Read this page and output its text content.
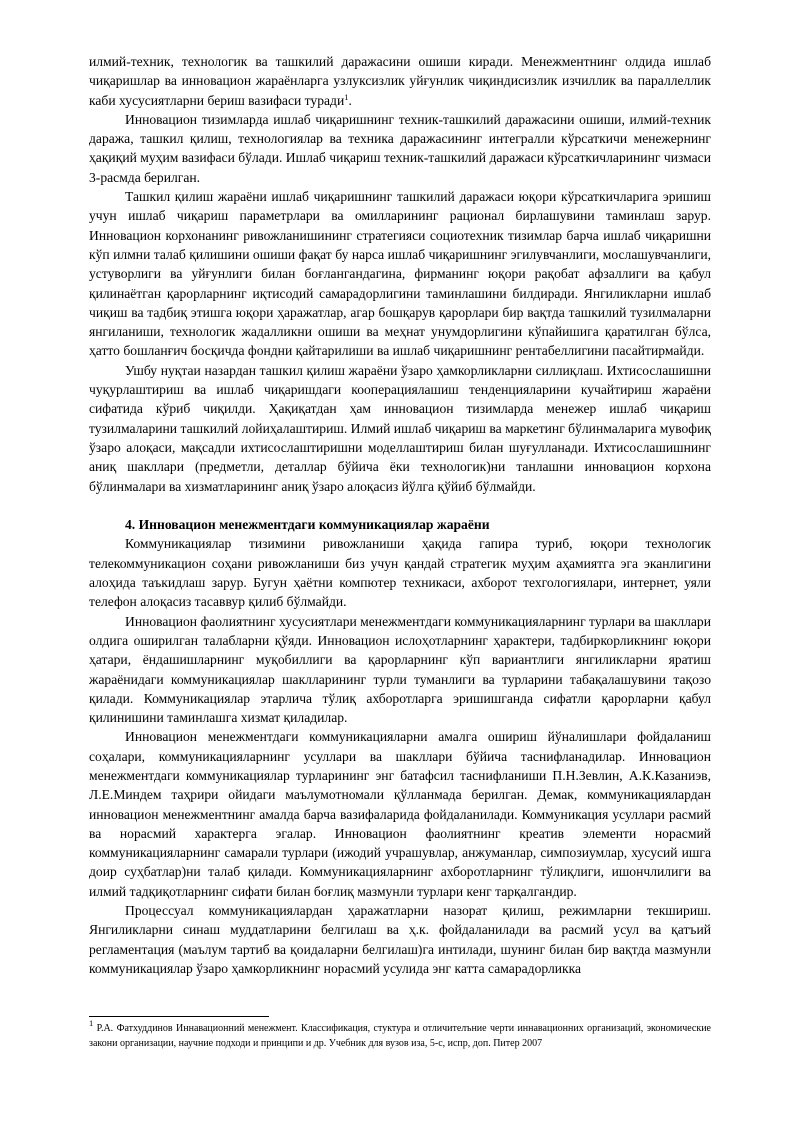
илмий-техник, технологик ва ташкилий даражасини ошиши киради. Менежментнинг олдида ишлаб чиқаришлар ва инновацион жараёнларга узлуксизлик уйғунлик чиқиндисизлик изчиллик ва параллеллик каби хусусиятларни бериш вазифаси туради$^1$.

Инновацион тизимларда ишлаб чиқаришнинг техник-ташкилий даражасини ошиши, илмий-техник даража, ташкил қилиш, технологиялар ва техника даражасининг интегралли кўрсаткичи менежернинг ҳақиқий муҳим вазифаси бўлади. Ишлаб чиқариш техник-ташкилий даражаси кўрсаткичларининг чизмаси 3-расмда берилган.

Ташкил қилиш жараёни ишлаб чиқаришнинг ташкилий даражаси юқори кўрсаткичларига эришиш учун ишлаб чиқариш параметрлари ва омилларининг рационал бирлашувини таминлаш зарур. Инновацион корхонанинг ривожланишининг стратегияси социотехник тизимлар барча ишлаб чиқаришни кўп илмни талаб қилишини ошиши фақат бу нарса ишлаб чиқаришнинг эгилувчанлиги, мослашувчанлиги, устуворлиги ва уйғунлиги билан боғлангандагина, фирманинг юқори рақобат афзаллиги ва қабул қилинаётган қарорларнинг иқтисодий самарадорлигини таминлашини билдиради. Янгиликларни ишлаб чиқиш ва тадбиқ этишга юқори ҳаражатлар, агар бошқарув қарорлари бир вақтда ташкилий тузилмаларни янгиланиши, технологик жадалликни ошиши ва меҳнат унумдорлигини кўпайишига қаратилган бўлса, ҳатто бошланғич босқичда фондни қайтарилиши ва ишлаб чиқаришнинг рентабеллигини пасайтирмайди.

Ушбу нуқтаи назардан ташкил қилиш жараёни ўзаро ҳамкорликларни силлиқлаш. Ихтисослашишни чуқурлаштириш ва ишлаб чиқаришдаги кооперациялашиш тенденцияларини кучайтириш жараёни сифатида кўриб чиқилди. Ҳақиқатдан ҳам инновацион тизимларда менежер ишлаб чиқариш тузилмаларини ташкилий лойиҳалаштириш. Илмий ишлаб чиқариш ва маркетинг бўлинмаларига мувофиқ ўзаро алоқаси, мақсадли ихтисослаштиришни моделлаштириш билан шуғулланади. Ихтисослашишнинг аниқ шакллари (предметли, деталлар бўйича ёки технологик)ни танлашни инновацион корхона бўлинмалари ва хизматларининг аниқ ўзаро алоқасиз йўлга қўйиб бўлмайди.

4. Инновацион менежментдаги коммуникациялар жараёни

Коммуникациялар тизимини ривожланиши ҳақида гапира туриб, юқори технологик телекоммуникацион соҳани ривожланиши биз учун қандай стратегик муҳим аҳамиятга эга эканлигини алоҳида таъкидлаш зарур. Бугун ҳаётни компютер техникаси, ахборот техгологиялари, интернет, уяли телефон алоқасиз тасаввур қилиб бўлмайди.

Инновацион фаолиятнинг хусусиятлари менежментдаги коммуникацияларнинг турлари ва шакллари олдига оширилган талабларни қўяди. Инновацион ислоҳотларнинг ҳарактери, тадбиркорликнинг юқори ҳатари, ёндашишларнинг муқобиллиги ва қарорларнинг кўп вариантлиги янгиликларни яратиш жараёнидаги коммуникациялар шаклларининг турли туманлиги ва турларини табақалашувини тақозо қилади. Коммуникациялар этарлича тўлиқ ахборотларга эришишганда сифатли қарорларни қабул қилинишини таминлашга хизмат қиладилар.

Инновацион менежментдаги коммуникацияларни амалга ошириш йўналишлари фойдаланиш соҳалари, коммуникацияларнинг усуллари ва шакллари бўйича таснифланадилар. Инновацион менежментдаги коммуникациялар турларининг энг батафсил таснифланиши П.Н.Зевлин, А.К.Казаниэв, Л.Е.Миндем таҳрири ойидаги маълумотномали қўлланмада берилган. Демак, коммуникациялардан инновацион менежментнинг амалда барча вазифаларида фойдаланилади. Коммуникация усуллари расмий ва норасмий характерга эгалар. Инновацион фаолиятнинг креатив элементи норасмий коммуникацияларнинг самарали турлари (ижодий учрашувлар, анжуманлар, симпозиумлар, хусусий ишга доир суҳбатлар)ни талаб қилади. Коммуникацияларнинг ахборотларнинг тўлиқлиги, ишончлилиги ва илмий тадқиқотларнинг сифати билан боғлиқ мазмунли турлари кенг тарқалгандир.

Процессуал коммуникациялардан ҳаражатларни назорат қилиш, режимларни текшириш. Янгиликларни синаш муддатларини белгилаш ва ҳ.к. фойдаланилади ва расмий усул ва қатъий регламентация (маълум тартиб ва қоидаларни белгилаш)га интилади, шунинг билан бир вақтда мазмунли коммуникациялар ўзаро ҳамкорликнинг норасмий усулида энг катта самарадорликка

$^1$ Р.А. Фатхуддинов Иннавационний менежмент. Классификация, стуктура и отличителъние черти иннавационних организаций, экономические закони организации, научние подходи и принципи и др. Учебник для вузов иза, 5-с, испр, доп. Питер 2007
